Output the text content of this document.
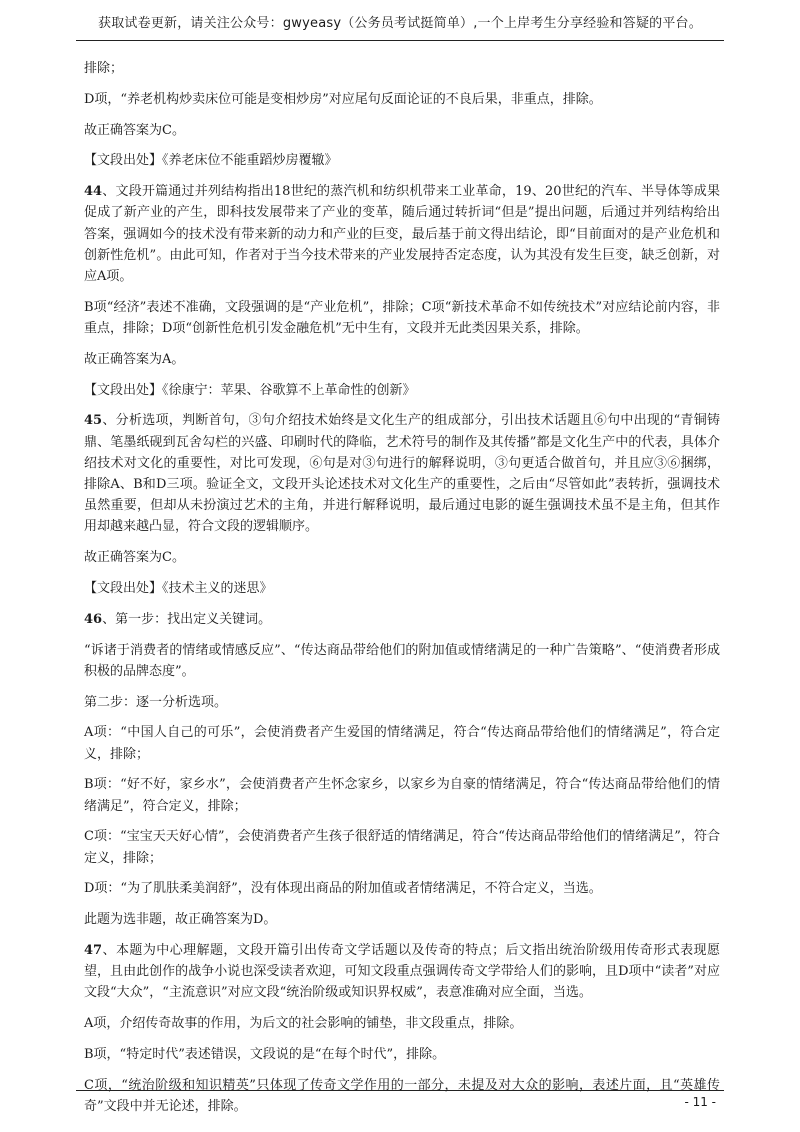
获取试卷更新，请关注公众号：gwyeasy（公务员考试挺简单）,一个上岸考生分享经验和答疑的平台。

排除；

D项，“养老机构炒卖床位可能是变相炒房”对应尾句反面论证的不良后果，非重点，排除。

故正确答案为C。

【文段出处】《养老床位不能重蹈炒房覆辙》

44、文段开篇通过并列结构指出18世纪的蒸汽机和纺织机带来工业革命，19、20世纪的汽车、半导体等成果促成了新产业的产生，即科技发展带来了产业的变革，随后通过转折词“但是”提出问题，后通过并列结构给出答案，强调如今的技术没有带来新的动力和产业的巨变，最后基于前文得出结论，即“目前面对的是产业危机和创新性危机”。由此可知，作者对于当今技术带来的产业发展持否定态度，认为其没有发生巨变，缺乏创新，对应A项。

B项“经济”表述不准确，文段强调的是“产业危机”，排除；C项“新技术革命不如传统技术”对应结论前内容，非重点，排除；D项“创新性危机引发金融危机”无中生有，文段并无此类因果关系，排除。

故正确答案为A。

【文段出处】《徐康宁：苹果、谷歌算不上革命性的创新》

45、分析选项，判断首句，③句介绍技术始终是文化生产的组成部分，引出技术话题且⑥句中出现的“青铜铸鼎、笔墨纸砚到瓦舍勾栏的兴盛、印刷时代的降临，艺术符号的制作及其传播”都是文化生产中的代表，具体介绍技术对文化的重要性，对比可发现，⑥句是对③句进行的解释说明，③句更适合做首句，并且应③⑥捆绑，排除A、B和D三项。验证全文，文段开头论述技术对文化生产的重要性，之后由“尽管如此”表转折，强调技术虽然重要，但却从未扮演过艺术的主角，并进行解释说明，最后通过电影的诞生强调技术虽不是主角，但其作用却越来越凸显，符合文段的逻辑顺序。

故正确答案为C。

【文段出处】《技术主义的迷思》

46、第一步：找出定义关键词。

“诉诸于消费者的情绪或情感反应”、“传达商品带给他们的附加值或情绪满足的一种广告策略”、“使消费者形成积极的品牌态度”。

第二步：逐一分析选项。

A项：“中国人自己的可乐”，会使消费者产生爱国的情绪满足，符合“传达商品带给他们的情绪满足”，符合定义，排除；

B项：“好不好，家乡水”，会使消费者产生怀念家乡，以家乡为自豪的情绪满足，符合“传达商品带给他们的情绪满足”，符合定义，排除；

C项：“宝宝天天好心情”，会使消费者产生孩子很舒适的情绪满足，符合“传达商品带给他们的情绪满足”，符合定义，排除；

D项：“为了肌肤柔美润舒”，没有体现出商品的附加值或者情绪满足，不符合定义，当选。

此题为选非题，故正确答案为D。

47、本题为中心理解题，文段开篇引出传奇文学话题以及传奇的特点；后文指出统治阶级用传奇形式表现愿望，且由此创作的战争小说也深受读者欢迎，可知文段重点强调传奇文学带给人们的影响，且D项中“读者”对应文段“大众”，“主流意识”对应文段“统治阶级或知识界权威”，表意准确对应全面，当选。

A项，介绍传奇故事的作用，为后文的社会影响的铺垫，非文段重点，排除。

B项，“特定时代”表述错误，文段说的是“在每个时代”，排除。

C项，“统治阶级和知识精英”只体现了传奇文学作用的一部分，未提及对大众的影响，表述片面，且“英雄传奇”文段中并无论述，排除。	- 11 -
